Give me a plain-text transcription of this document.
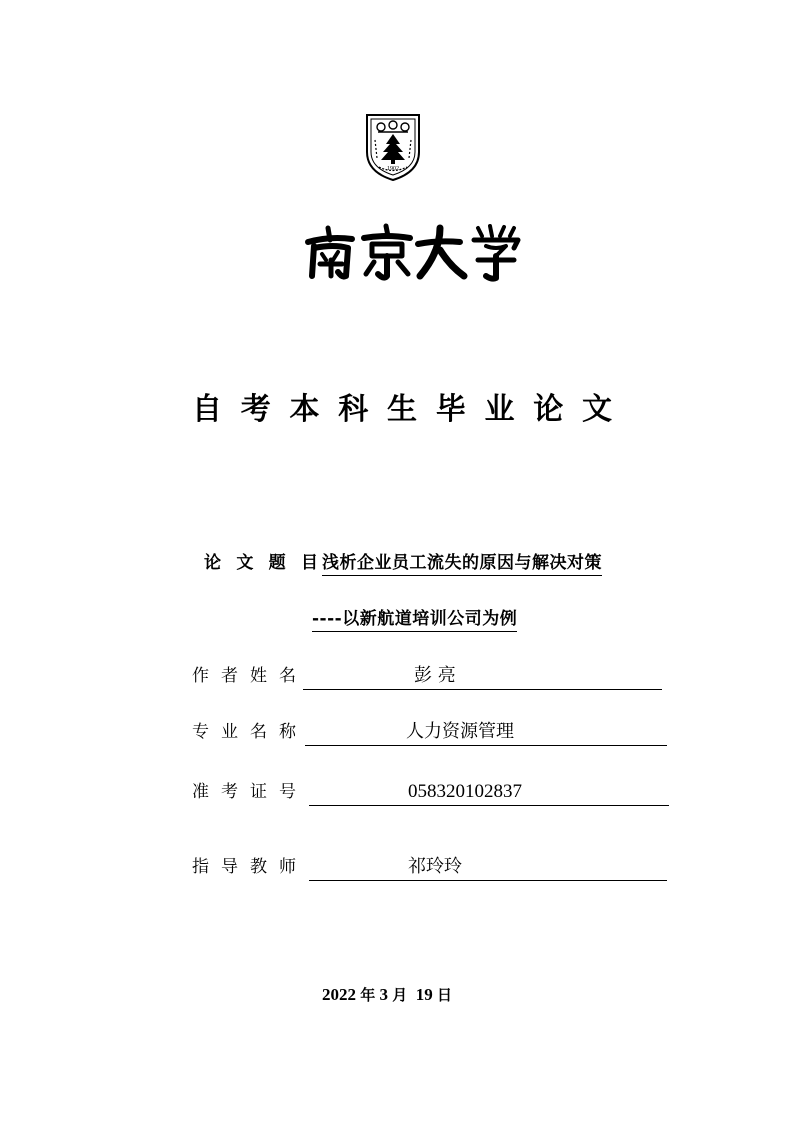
1902
自 考 本 科 生 毕 业 论 文
论 文 题 目 浅析企业员工流失的原因与解决对策
----以新航道培训公司为例
作 者 姓 名	彭 亮
专 业 名 称	人力资源管理
准 考 证 号	058320102837
指 导 教 师	祁玲玲
2022 年 3 月 19 日
